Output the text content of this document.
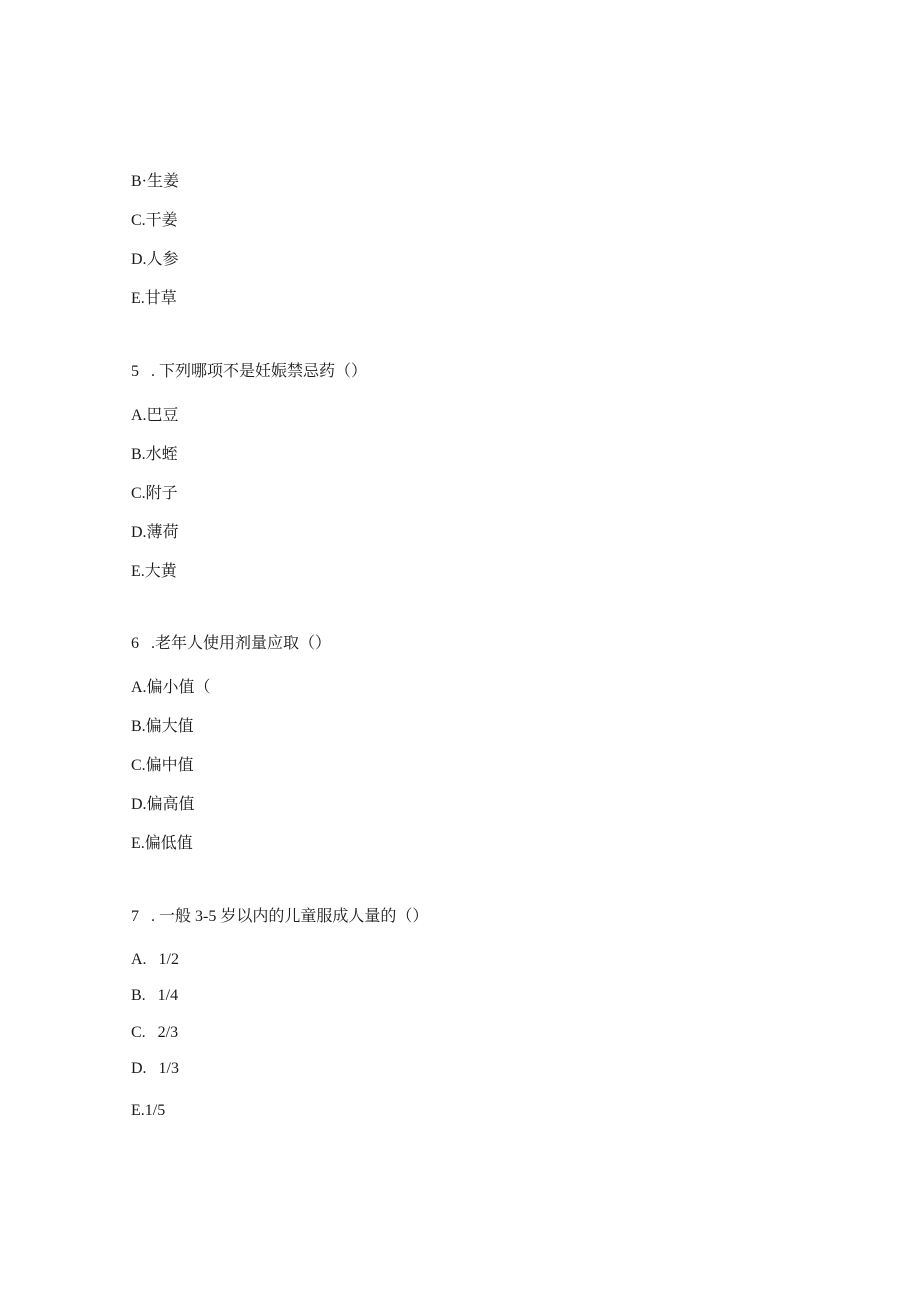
B·生姜
C.干姜
D.人参
E.甘草
5   . 下列哪项不是妊娠禁忌药（）
A.巴豆
B.水蛭
C.附子
D.薄荷
E.大黄
6   .老年人使用剂量应取（）
A.偏小值（
B.偏大值
C.偏中值
D.偏高值
E.偏低值
7   . 一般 3-5 岁以内的儿童服成人量的（）
A.   1/2
B.   1/4
C.   2/3
D.   1/3
E.1/5
